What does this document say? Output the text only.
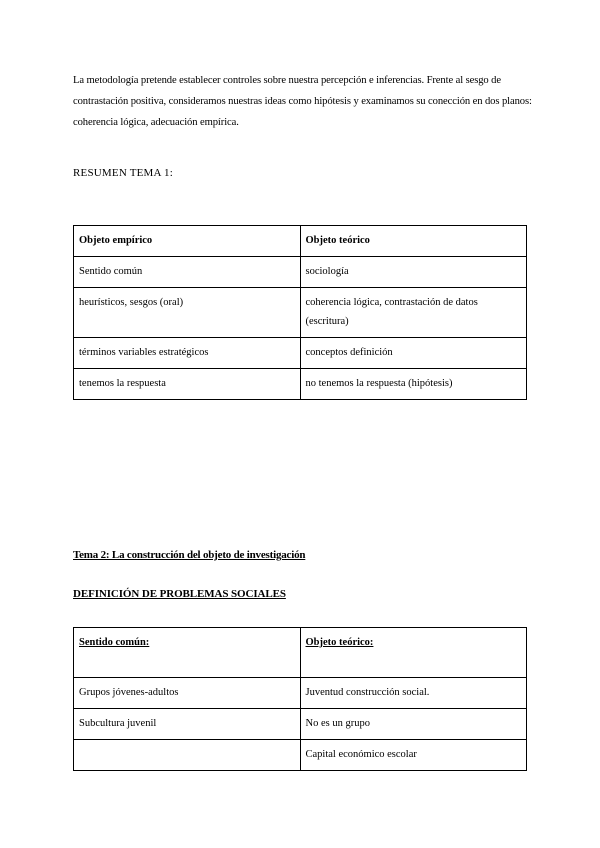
La metodología pretende establecer controles sobre nuestra percepción e inferencias. Frente al sesgo de contrastación positiva, consideramos nuestras ideas como hipótesis y examinamos su conección en dos planos: coherencia lógica, adecuación empírica.
RESUMEN TEMA 1:
Objeto empírico	Objeto teórico
Sentido común	sociología
heurísticos, sesgos (oral)	coherencia lógica, contrastación de datos (escritura)
términos variables estratégicos	conceptos definición
tenemos la respuesta	no tenemos la respuesta (hipótesis)
Tema 2: La construcción del objeto de investigación
DEFINICIÓN DE PROBLEMAS SOCIALES
Sentido común:	Objeto teórico:
Grupos jóvenes-adultos	Juventud construcción social.
Subcultura juvenil	No es un grupo
	Capital económico escolar
